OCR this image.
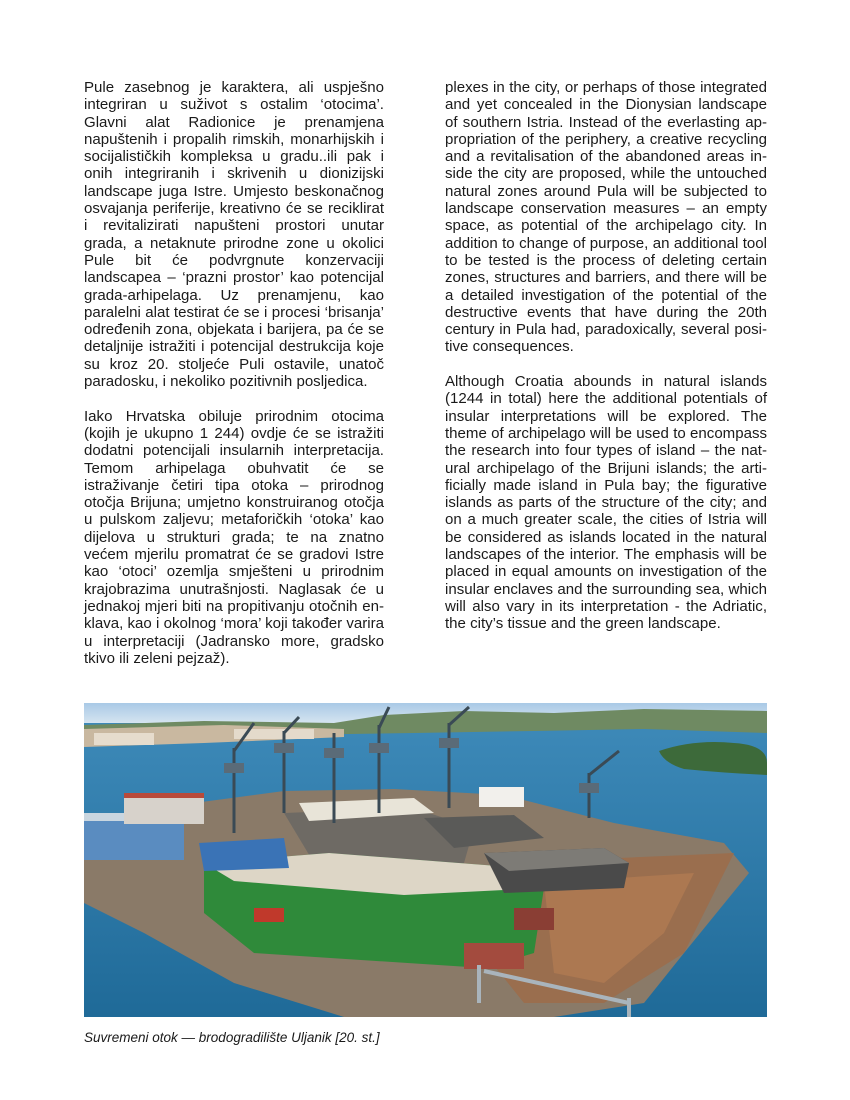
Pule zasebnog je karaktera, ali uspješno integriran u suživot s ostalim ‘otocima’. Glavni alat Radionice je prenamjena napuštenih i propalih rimskih, monarhijskih i socijalističkih kompleksa u gradu..ili pak i onih integriranih i skrivenih u dionizijski landscape juga Istre. Umjesto beskonačnog osvajanja periferije, kreativno će se reciklirat i revitalizirati napušteni prostori unutar grada, a netaknute prirodne zone u okolici Pule bit će podvrgnute konzervaciji landscapea – ‘prazni prostor’ kao potencijal grada-arhipelaga. Uz prenamjenu, kao paralelni alat testirat će se i procesi ‘brisanja’ određenih zona, objekata i barijera, pa će se detaljnije istražiti i potencijal destrukcija koje su kroz 20. stoljeće Puli ostavile, unatoč paradosku, i nekoliko pozitivnih posljedica.

Iako Hrvatska obiluje prirodnim otocima (kojih je ukupno 1 244) ovdje će se istražiti dodatni potencijali insularnih interpretacija. Temom arhipelaga obuhvatit će se istraživanje četiri tipa otoka – prirodnog otočja Brijuna; umjetno konstruiranog otočja u pulskom zaljevu; metaforičkih ‘otoka’ kao dijelova u strukturi grada; te na znatno većem mjerilu promatrat će se gradovi Istre kao ‘otoci’ ozemlja smješteni u prirodnim krajobrazima unutrašnjosti. Naglasak će u jednakoj mjeri biti na propitivanju otočnih enklava, kao i okolnog ‘mora’ koji također varira u interpretaciji (Jadransko more, gradsko tkivo ili zeleni pejzaž).

plexes in the city, or perhaps of those integrated and yet concealed in the Dionysian landscape of southern Istria. Instead of the everlasting appropriation of the periphery, a creative recycling and a revitalisation of the abandoned areas inside the city are proposed, while the untouched natural zones around Pula will be subjected to landscape conservation measures – an empty space, as potential of the archipelago city. In addition to change of purpose, an additional tool to be tested is the process of deleting certain zones, structures and barriers, and there will be a detailed investigation of the potential of the destructive events that have during the 20th century in Pula had, paradoxically, several positive consequences.

Although Croatia abounds in natural islands (1244 in total) here the additional potentials of insular interpretations will be explored. The theme of archipelago will be used to encompass the research into four types of island – the natural archipelago of the Brijuni islands; the artificially made island in Pula bay; the figurative islands as parts of the structure of the city; and on a much greater scale, the cities of Istria will be considered as islands located in the natural landscapes of the interior. The emphasis will be placed in equal amounts on investigation of the insular enclaves and the surrounding sea, which will also vary in its interpretation - the Adriatic, the city’s tissue and the green landscape.

Suvremeni otok — brodogradilište Uljanik [20. st.]
